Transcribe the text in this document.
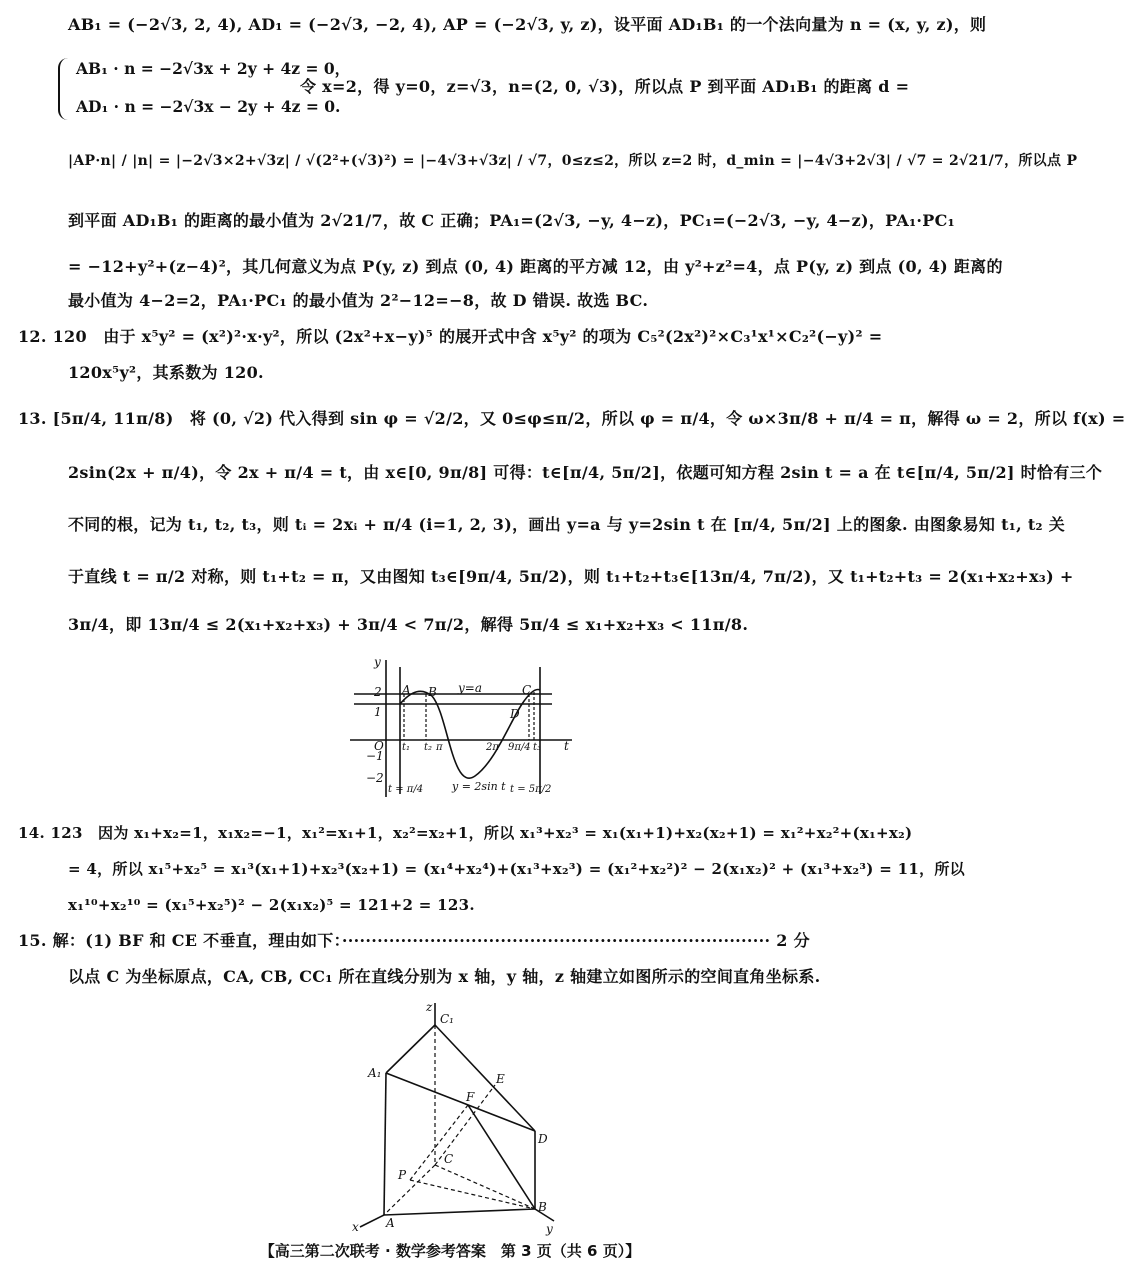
AB₁ = (−2√3, 2, 4), AD₁ = (−2√3, −2, 4), AP = (−2√3, y, z)，设平面 AD₁B₁ 的一个法向量为 n = (x, y, z)，则
AB₁ · n = −2√3x + 2y + 4z = 0，
AD₁ · n = −2√3x − 2y + 4z = 0.
令 x=2，得 y=0，z=√3，n=(2, 0, √3)，所以点 P 到平面 AD₁B₁ 的距离 d =
|AP·n| / |n| = |−2√3×2+√3z| / √(2²+(√3)²) = |−4√3+√3z| / √7，0≤z≤2，所以 z=2 时，d_min = |−4√3+2√3| / √7 = 2√21/7，所以点 P
到平面 AD₁B₁ 的距离的最小值为 2√21/7，故 C 正确；PA₁=(2√3, −y, 4−z)，PC₁=(−2√3, −y, 4−z)，PA₁·PC₁
= −12+y²+(z−4)²，其几何意义为点 P(y, z) 到点 (0, 4) 距离的平方减 12，由 y²+z²=4，点 P(y, z) 到点 (0, 4) 距离的
最小值为 4−2=2，PA₁·PC₁ 的最小值为 2²−12=−8，故 D 错误. 故选 BC.
12. 120　由于 x⁵y² = (x²)²·x·y²，所以 (2x²+x−y)⁵ 的展开式中含 x⁵y² 的项为 C₅²(2x²)²×C₃¹x¹×C₂²(−y)² =
120x⁵y²，其系数为 120.
13. [5π/4, 11π/8)　将 (0, √2) 代入得到 sin φ = √2/2，又 0≤φ≤π/2，所以 φ = π/4，令 ω×3π/8 + π/4 = π，解得 ω = 2，所以 f(x) =
2sin(2x + π/4)，令 2x + π/4 = t，由 x∈[0, 9π/8] 可得：t∈[π/4, 5π/2]，依题可知方程 2sin t = a 在 t∈[π/4, 5π/2] 时恰有三个
不同的根，记为 t₁, t₂, t₃，则 tᵢ = 2xᵢ + π/4 (i=1, 2, 3)，画出 y=a 与 y=2sin t 在 [π/4, 5π/2] 上的图象. 由图象易知 t₁, t₂ 关
于直线 t = π/2 对称，则 t₁+t₂ = π，又由图知 t₃∈[9π/4, 5π/2)，则 t₁+t₂+t₃∈[13π/4, 7π/2)，又 t₁+t₂+t₃ = 2(x₁+x₂+x₃) +
3π/4，即 13π/4 ≤ 2(x₁+x₂+x₃) + 3π/4 < 7π/2，解得 5π/4 ≤ x₁+x₂+x₃ < 11π/8.
y
t
O
2
1
−1
−2
A B	C
D
y=a
t₁ t₂ π	2π 9π/4 t₃
t = π/4	y = 2sin t t = 5π/2
14. 123　因为 x₁+x₂=1，x₁x₂=−1，x₁²=x₁+1，x₂²=x₂+1，所以 x₁³+x₂³ = x₁(x₁+1)+x₂(x₂+1) = x₁²+x₂²+(x₁+x₂)
= 4，所以 x₁⁵+x₂⁵ = x₁³(x₁+1)+x₂³(x₂+1) = (x₁⁴+x₂⁴)+(x₁³+x₂³) = (x₁²+x₂²)² − 2(x₁x₂)² + (x₁³+x₂³) = 11，所以
x₁¹⁰+x₂¹⁰ = (x₁⁵+x₂⁵)² − 2(x₁x₂)⁵ = 121+2 = 123.
15. 解：(1) BF 和 CE 不垂直，理由如下：········································································· 2 分
以点 C 为坐标原点，CA, CB, CC₁ 所在直线分别为 x 轴，y 轴，z 轴建立如图所示的空间直角坐标系.
z
C₁
A₁	E
F
C
D
P
A
B
x	y
【高三第二次联考 · 数学参考答案　第 3 页（共 6 页）】
